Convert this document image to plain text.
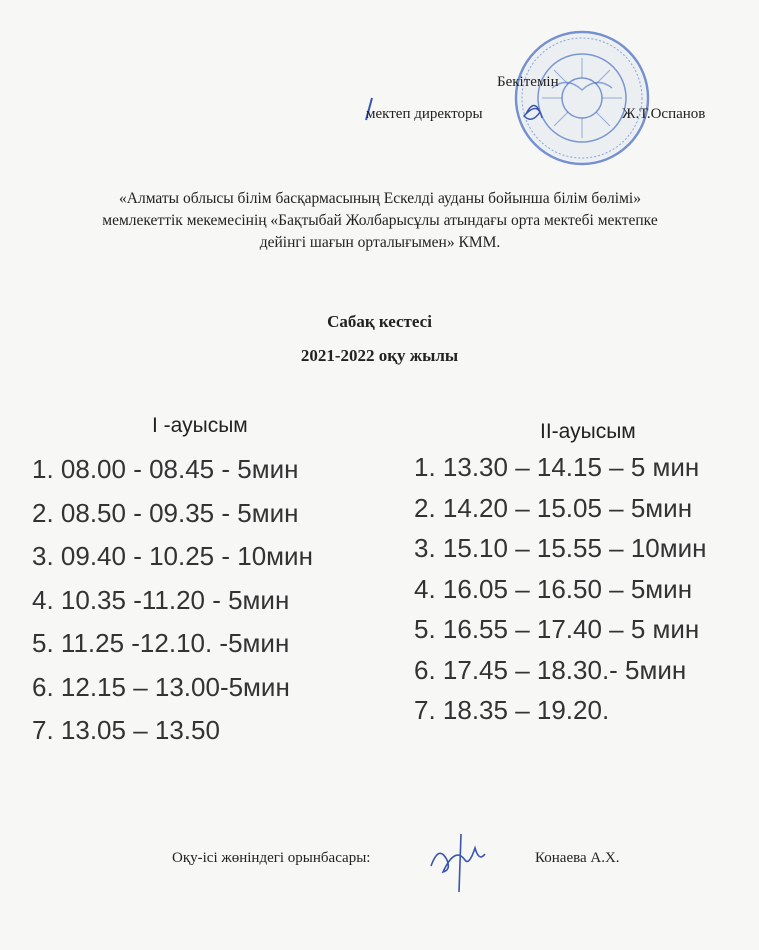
Бекітемін
мектеп директоры	Ж.Т.Оспанов
«Алматы облысы білім басқармасының Ескелді ауданы бойынша білім бөлімі» мемлекеттік мекемесінің «Бақтыбай Жолбарысұлы атындағы орта мектебі мектепке дейінгі шағын орталығымен» КММ.
Сабақ кестесі
2021-2022 оқу жылы
І -ауысым
1. 08.00 - 08.45 - 5мин
2. 08.50 - 09.35 - 5мин
3. 09.40 - 10.25 - 10мин
4. 10.35 -11.20 - 5мин
5. 11.25 -12.10. -5мин
6. 12.15 – 13.00-5мин
7. 13.05 – 13.50
ІІ-ауысым
1. 13.30 – 14.15 – 5 мин
2. 14.20 – 15.05 – 5мин
3. 15.10 – 15.55 – 10мин
4. 16.05 – 16.50 – 5мин
5. 16.55 – 17.40 – 5 мин
6. 17.45 – 18.30.- 5мин
7. 18.35 – 19.20.
Оқу-ісі жөніндегі орынбасары:	Конаева А.Х.
